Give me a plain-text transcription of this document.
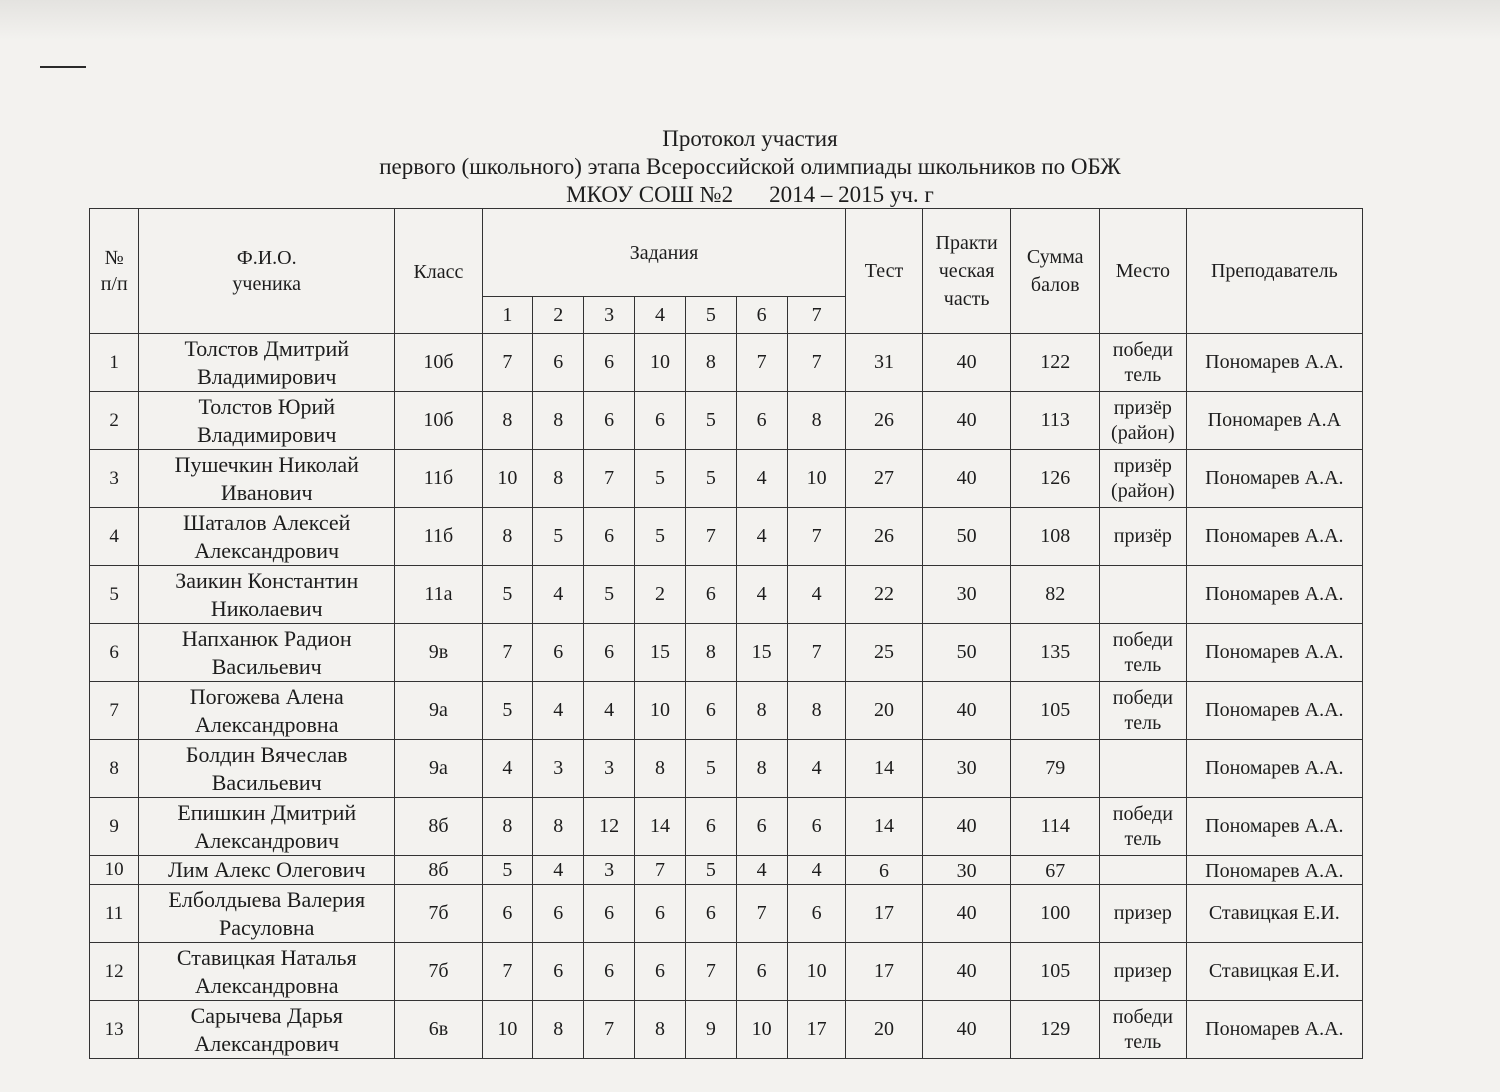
Протокол участия
первого (школьного) этапа Всероссийской олимпиады школьников по ОБЖ
МКОУ СОШ №2 2014 – 2015 уч. г
№
п/п	Ф.И.О.
ученика	Класс	Задания							Тест	Практи
ческая
часть	Сумма
балов	Место	Преподаватель
			1	2	3	4	5	6	7					
1	Толстов Дмитрий
Владимирович	10б	7	6	6	10	8	7	7	31	40	122	победи
тель	Пономарев А.А.
2	Толстов Юрий
Владимирович	10б	8	8	6	6	5	6	8	26	40	113	призёр
(район)	Пономарев А.А
3	Пушечкин Николай
Иванович	11б	10	8	7	5	5	4	10	27	40	126	призёр
(район)	Пономарев А.А.
4	Шаталов Алексей
Александрович	11б	8	5	6	5	7	4	7	26	50	108	призёр	Пономарев А.А.
5	Заикин Константин
Николаевич	11а	5	4	5	2	6	4	4	22	30	82		Пономарев А.А.
6	Напханюк Радион
Васильевич	9в	7	6	6	15	8	15	7	25	50	135	победи
тель	Пономарев А.А.
7	Погожева Алена
Александровна	9а	5	4	4	10	6	8	8	20	40	105	победи
тель	Пономарев А.А.
8	Болдин Вячеслав
Васильевич	9а	4	3	3	8	5	8	4	14	30	79		Пономарев А.А.
9	Епишкин Дмитрий
Александрович	8б	8	8	12	14	6	6	6	14	40	114	победи
тель	Пономарев А.А.
10	Лим Алекс Олегович	8б	5	4	3	7	5	4	4	6	30	67		Пономарев А.А.
11	Елболдыева Валерия
Расуловна	7б	6	6	6	6	6	7	6	17	40	100	призер	Ставицкая Е.И.
12	Ставицкая Наталья
Александровна	7б	7	6	6	6	7	6	10	17	40	105	призер	Ставицкая Е.И.
13	Сарычева Дарья
Александрович	6в	10	8	7	8	9	10	17	20	40	129	победи
тель	Пономарев А.А.
